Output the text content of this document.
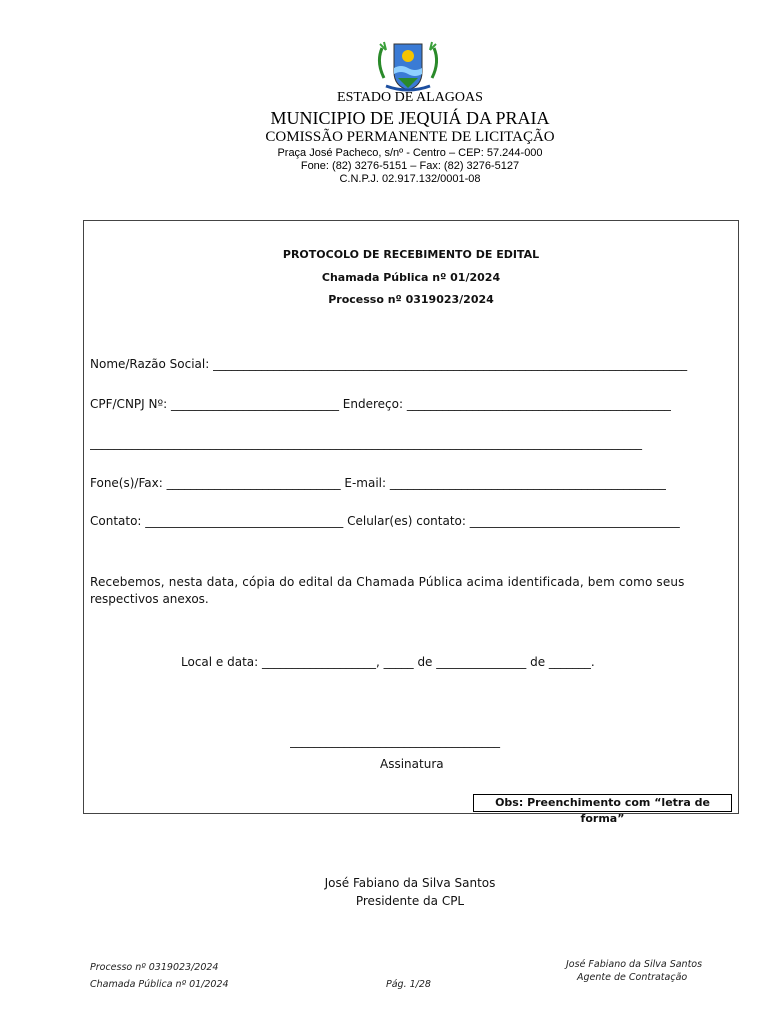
ESTADO DE ALAGOAS
MUNICIPIO DE JEQUIÁ DA PRAIA
COMISSÃO PERMANENTE DE LICITAÇÃO
Praça José Pacheco, s/nº - Centro – CEP: 57.244-000
Fone: (82) 3276-5151 – Fax: (82) 3276-5127
C.N.P.J. 02.917.132/0001-08
PROTOCOLO DE RECEBIMENTO DE EDITAL
Chamada Pública nº 01/2024
Processo nº 0319023/2024
Nome/Razão Social: _______________________________________________________________________________
CPF/CNPJ Nº: ____________________________ Endereço: ____________________________________________
____________________________________________________________________________________________
Fone(s)/Fax: _____________________________ E-mail: ______________________________________________
Contato: _________________________________ Celular(es) contato: ___________________________________
Recebemos, nesta data, cópia do edital da Chamada Pública acima identificada, bem como seus
respectivos anexos.
Local e data: ___________________, _____ de _______________ de _______.
___________________________________
Assinatura
Obs: Preenchimento com “letra de forma”
José Fabiano da Silva Santos
Presidente da CPL
Processo nº 0319023/2024
Chamada Pública nº 01/2024	Pág. 1/28
José Fabiano da Silva Santos
Agente de Contratação
